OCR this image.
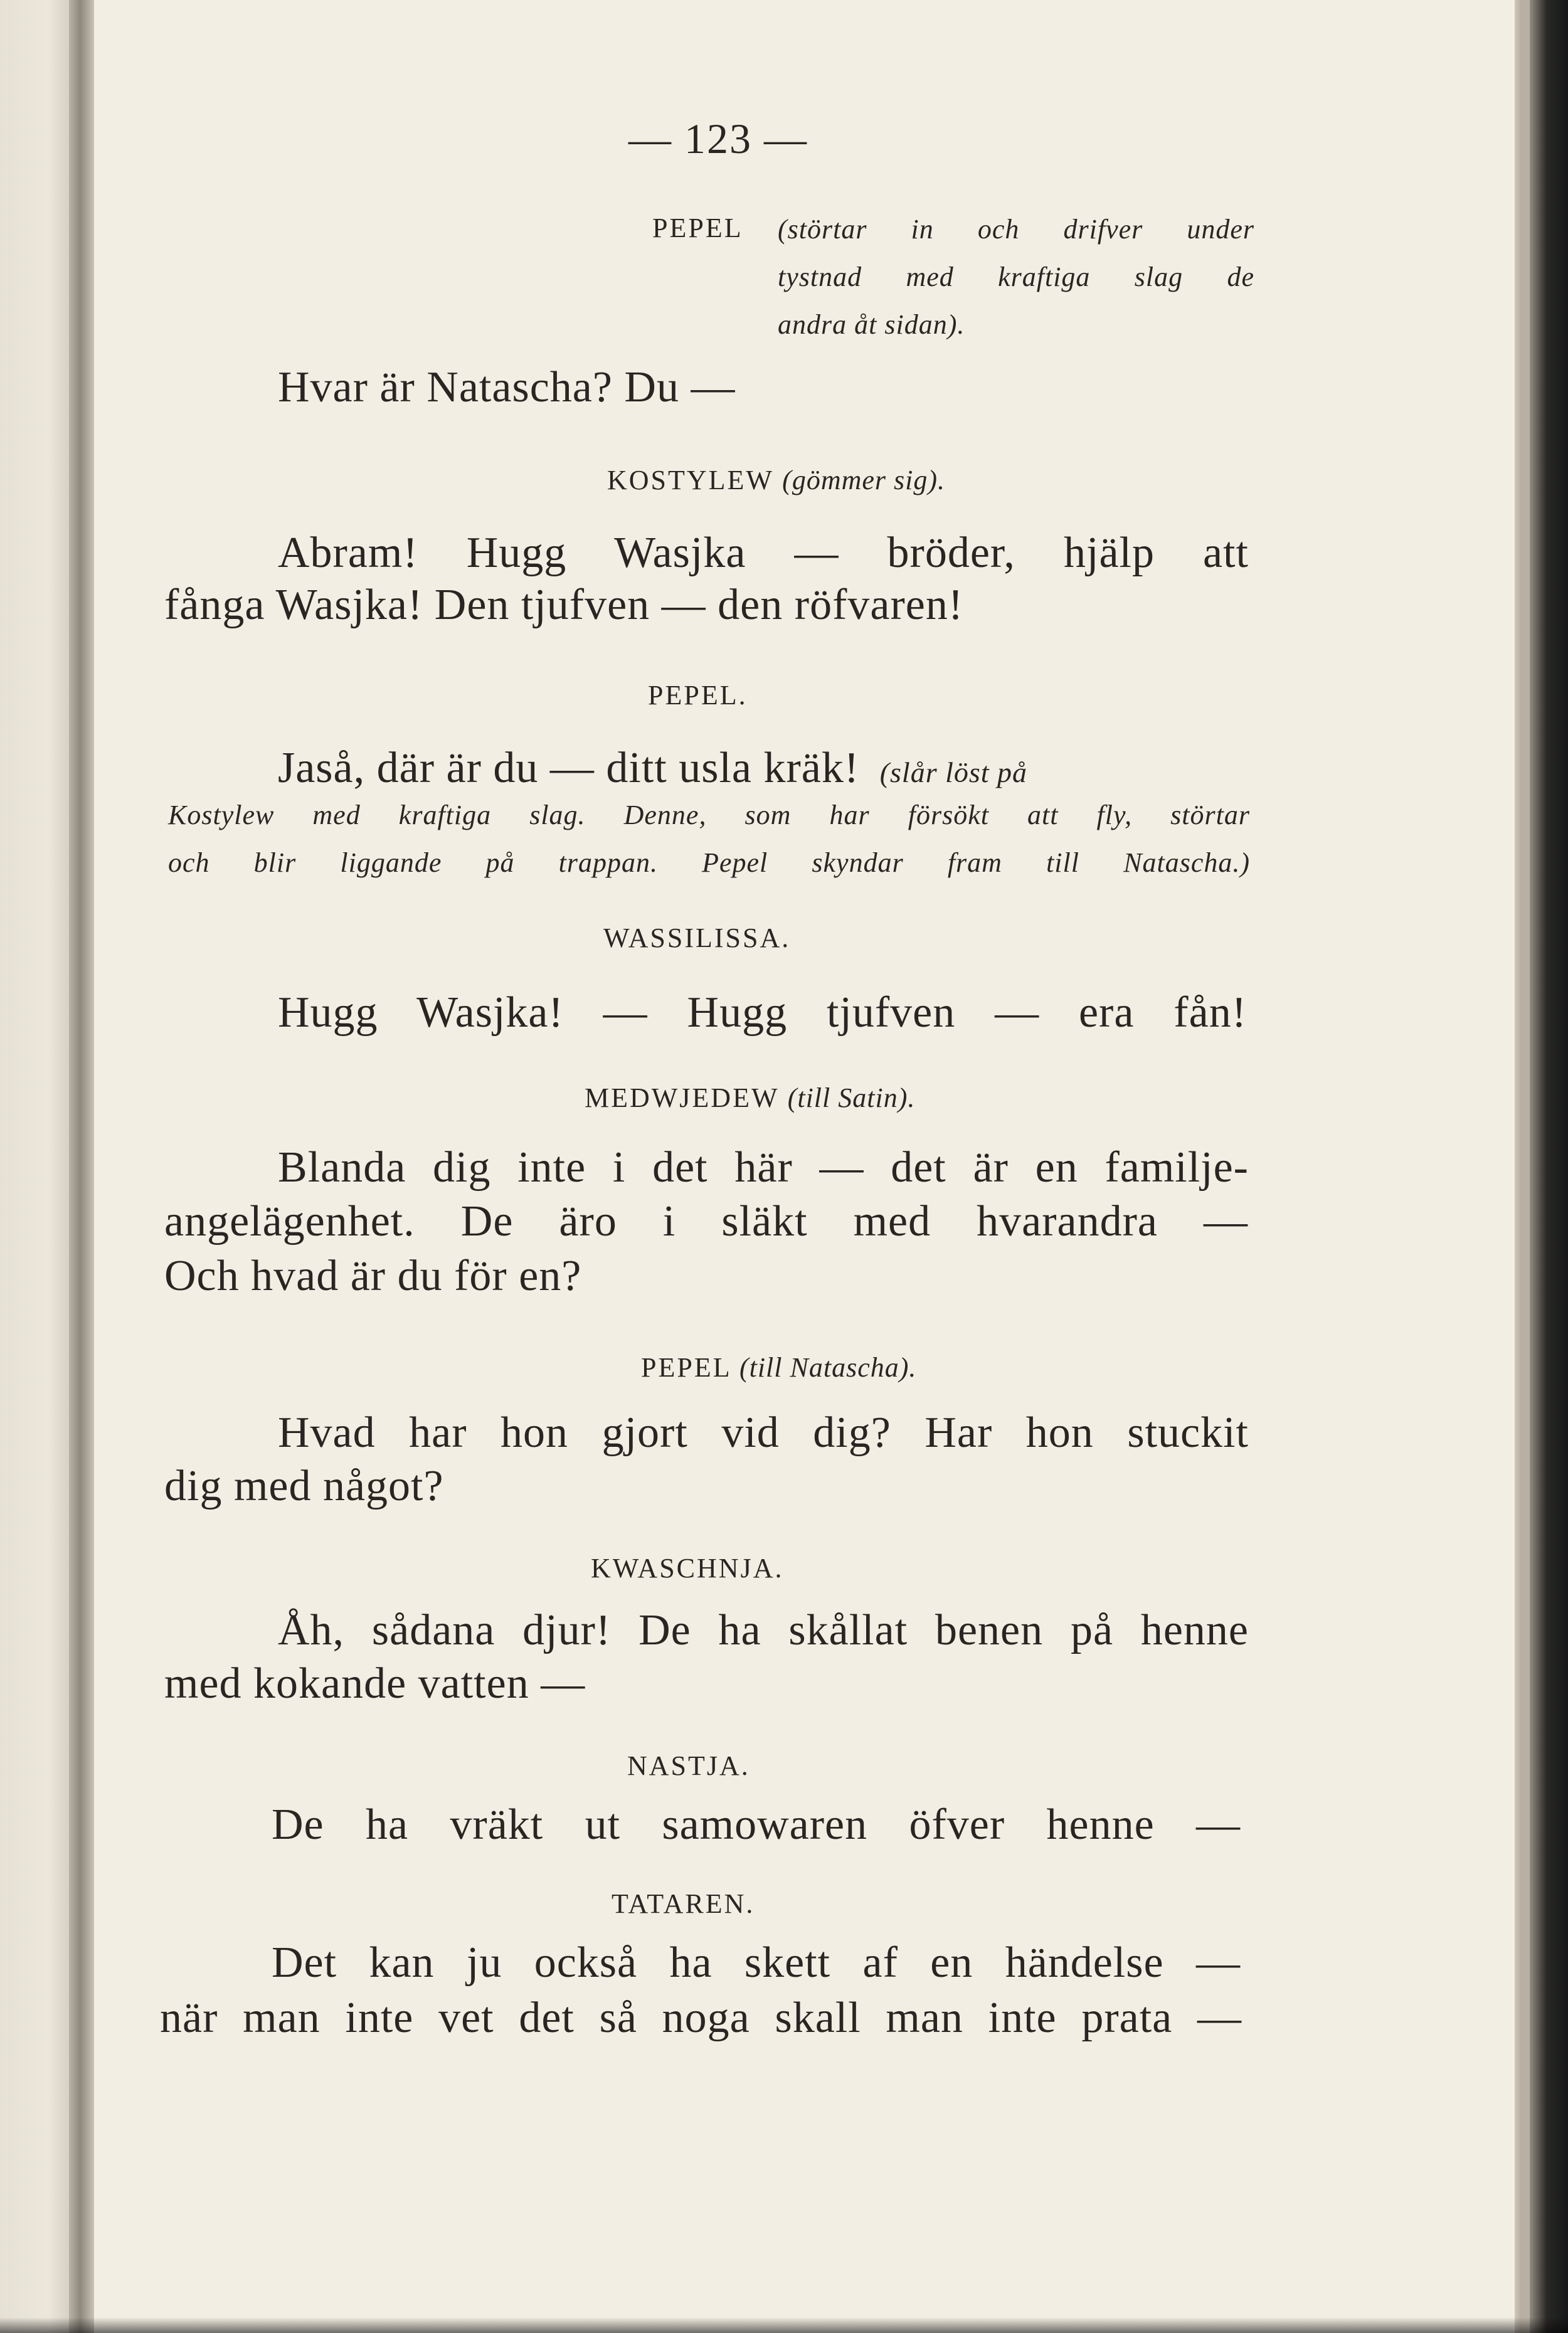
— 123 —
PEPEL (störtar in och drifver under
tystnad med kraftiga slag de
andra åt sidan).
Hvar är Natascha? Du —
KOSTYLEW (gömmer sig).
Abram! Hugg Wasjka — bröder, hjälp att
fånga Wasjka! Den tjufven — den röfvaren!
PEPEL.
Jaså, där är du — ditt usla kräk! (slår löst på
Kostylew med kraftiga slag. Denne, som har försökt att fly, störtar
och blir liggande på trappan. Pepel skyndar fram till Natascha.)
WASSILISSA.
Hugg Wasjka! — Hugg tjufven — era fån!
MEDWJEDEW (till Satin).
Blanda dig inte i det här — det är en familje-
angelägenhet. De äro i släkt med hvarandra —
Och hvad är du för en?
PEPEL (till Natascha).
Hvad har hon gjort vid dig? Har hon stuckit
dig med något?
KWASCHNJA.
Åh, sådana djur! De ha skållat benen på henne
med kokande vatten —
NASTJA.
De ha vräkt ut samowaren öfver henne —
TATAREN.
Det kan ju också ha skett af en händelse —
när man inte vet det så noga skall man inte prata —
